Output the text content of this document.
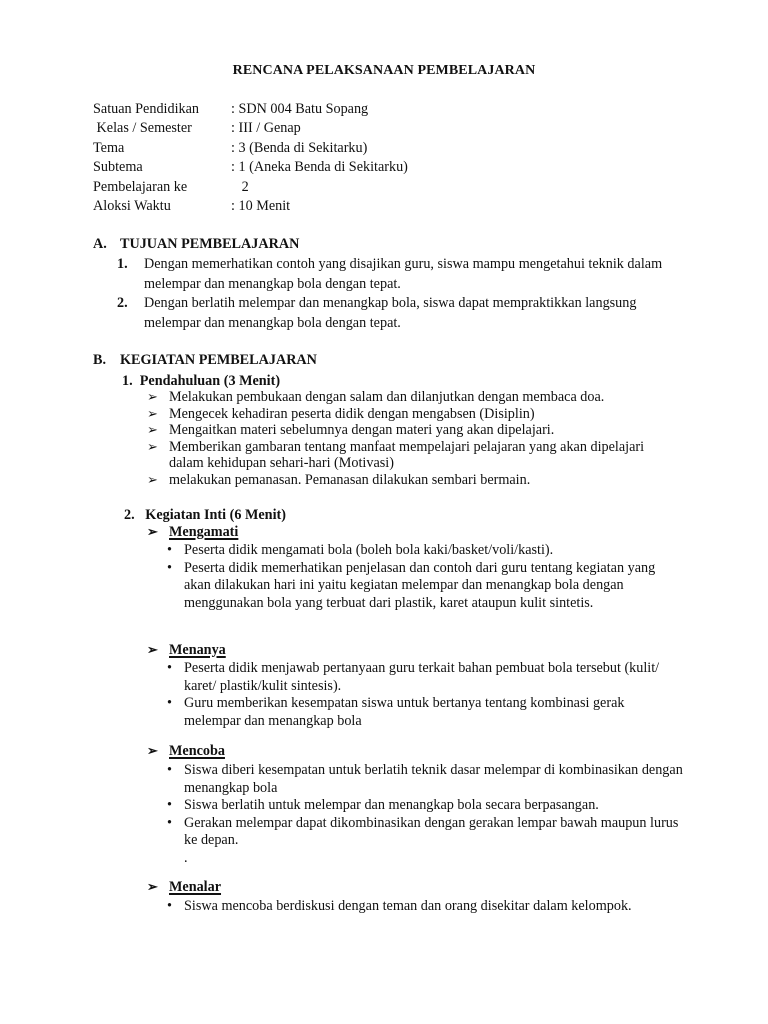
RENCANA PELAKSANAAN PEMBELAJARAN
Satuan Pendidikan : SDN 004 Batu Sopang
Kelas / Semester	: III / Genap
Tema	: 3 (Benda di Sekitarku)
Subtema	: 1 (Aneka Benda di Sekitarku)
Pembelajaran ke	2
Aloksi Waktu	: 10 Menit
A. TUJUAN PEMBELAJARAN
1. Dengan memerhatikan contoh yang disajikan guru, siswa mampu mengetahui teknik dalam melempar dan menangkap bola dengan tepat.
2. Dengan berlatih melempar dan menangkap bola, siswa dapat mempraktikkan langsung melempar dan menangkap bola dengan tepat.
B. KEGIATAN PEMBELAJARAN
1.  Pendahuluan (3 Menit)
➢ Melakukan pembukaan dengan salam dan dilanjutkan dengan membaca doa.
➢ Mengecek kehadiran peserta didik dengan mengabsen (Disiplin)
➢ Mengaitkan materi sebelumnya dengan materi yang akan dipelajari.
➢ Memberikan gambaran tentang manfaat mempelajari pelajaran yang akan dipelajari dalam kehidupan sehari-hari (Motivasi)
➢ melakukan pemanasan. Pemanasan dilakukan sembari bermain.
2.   Kegiatan Inti (6 Menit)
➢ Mengamati
• Peserta didik mengamati bola (boleh bola kaki/basket/voli/kasti).
• Peserta didik memerhatikan penjelasan dan contoh dari guru tentang kegiatan yang akan dilakukan hari ini yaitu kegiatan melempar dan menangkap bola dengan menggunakan bola yang terbuat dari plastik, karet ataupun kulit sintetis.
➢ Menanya
• Peserta didik menjawab pertanyaan guru terkait bahan pembuat bola tersebut (kulit/ karet/ plastik/kulit sintesis).
• Guru memberikan kesempatan siswa untuk bertanya tentang kombinasi gerak melempar dan menangkap bola
➢ Mencoba
• Siswa diberi kesempatan untuk berlatih teknik dasar melempar di kombinasikan dengan menangkap bola
• Siswa berlatih untuk melempar dan menangkap bola secara berpasangan.
• Gerakan melempar dapat dikombinasikan dengan gerakan lempar bawah maupun lurus ke depan.
.
➢ Menalar
• Siswa mencoba berdiskusi dengan teman dan orang disekitar dalam kelompok.
